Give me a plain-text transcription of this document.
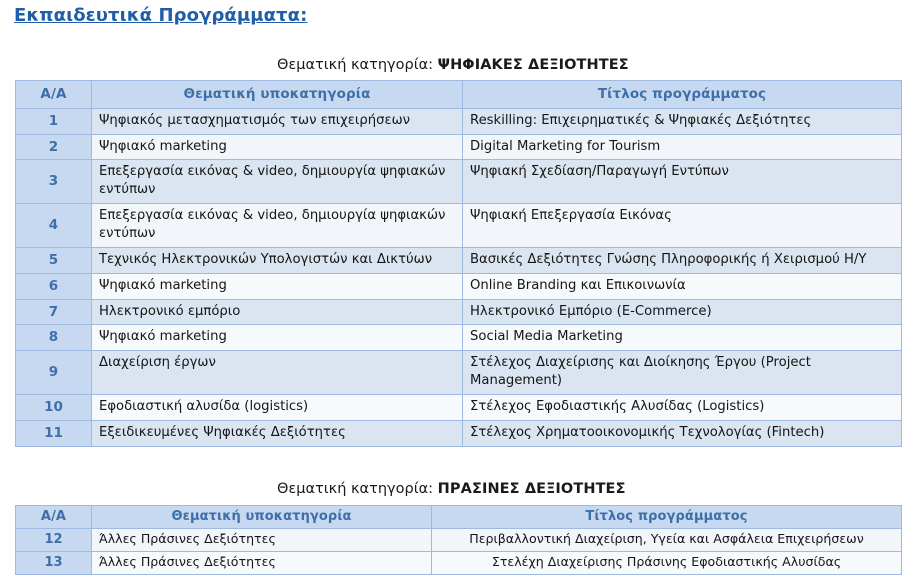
Εκπαιδευτικά Προγράμματα:
Θεματική κατηγορία: ΨΗΦΙΑΚΕΣ ΔΕΞΙΟΤΗΤΕΣ
Α/Α	Θεματική υποκατηγορία	Τίτλος προγράμματος
1	Ψηφιακός μετασχηματισμός των επιχειρήσεων	Reskilling: Επιχειρηματικές & Ψηφιακές Δεξιότητες
2	Ψηφιακό marketing	Digital Marketing for Tourism
3	Επεξεργασία εικόνας & video, δημιουργία ψηφιακών εντύπων	Ψηφιακή Σχεδίαση/Παραγωγή Εντύπων
4	Επεξεργασία εικόνας & video, δημιουργία ψηφιακών εντύπων	Ψηφιακή Επεξεργασία Εικόνας
5	Τεχνικός Ηλεκτρονικών Υπολογιστών και Δικτύων	Βασικές Δεξιότητες Γνώσης Πληροφορικής ή Χειρισμού Η/Υ
6	Ψηφιακό marketing	Online Branding και Επικοινωνία
7	Ηλεκτρονικό εμπόριο	Ηλεκτρονικό Εμπόριο (E-Commerce)
8	Ψηφιακό marketing	Social Media Marketing
9	Διαχείριση έργων	Στέλεχος Διαχείρισης και Διοίκησης Έργου (Project Management)
10	Εφοδιαστική αλυσίδα (logistics)	Στέλεχος Εφοδιαστικής Αλυσίδας (Logistics)
11	Εξειδικευμένες Ψηφιακές Δεξιότητες	Στέλεχος Χρηματοοικονομικής Τεχνολογίας (Fintech)
Θεματική κατηγορία: ΠΡΑΣΙΝΕΣ ΔΕΞΙΟΤΗΤΕΣ
Α/Α	Θεματική υποκατηγορία	Τίτλος προγράμματος
12	Άλλες Πράσινες Δεξιότητες	Περιβαλλοντική Διαχείριση, Υγεία και Ασφάλεια Επιχειρήσεων
13	Άλλες Πράσινες Δεξιότητες	Στελέχη Διαχείρισης Πράσινης Εφοδιαστικής Αλυσίδας
